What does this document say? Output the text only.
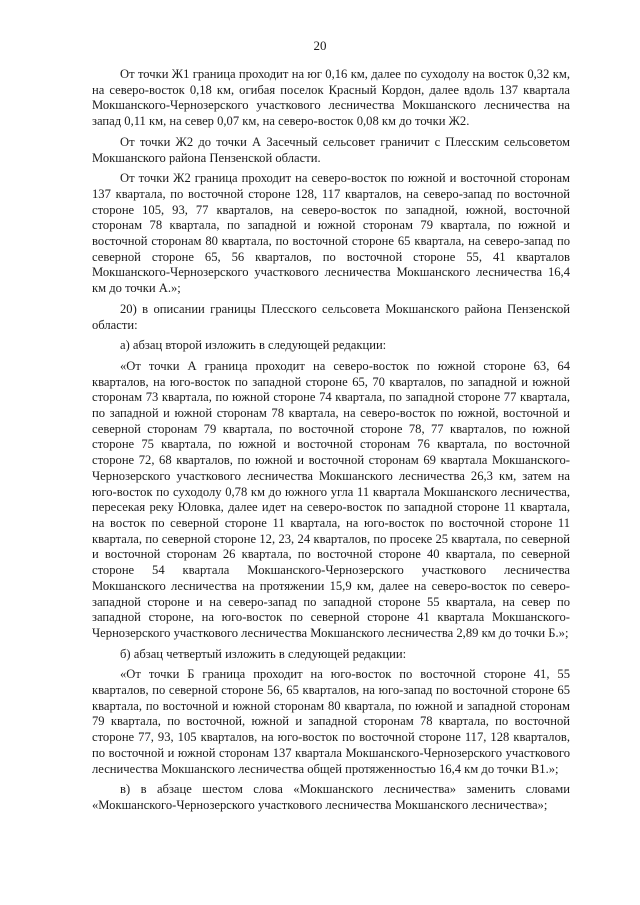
20

От точки Ж1 граница проходит на юг 0,16 км, далее по суходолу на восток 0,32 км, на северо-восток 0,18 км, огибая поселок Красный Кордон, далее вдоль 137 квартала Мокшанского-Чернозерского участкового лесничества Мокшанского лесничества на запад 0,11 км, на север 0,07 км, на северо-восток 0,08 км до точки Ж2.

От точки Ж2 до точки А Засечный сельсовет граничит с Плесским сельсоветом Мокшанского района Пензенской области.

От точки Ж2 граница проходит на северо-восток по южной и восточной сторонам 137 квартала, по восточной стороне 128, 117 кварталов, на северо-запад по восточной стороне 105, 93, 77 кварталов, на северо-восток по западной, южной, восточной сторонам 78 квартала, по западной и южной сторонам 79 квартала, по южной и восточной сторонам 80 квартала, по восточной стороне 65 квартала, на северо-запад по северной стороне 65, 56 кварталов, по восточной стороне 55, 41 кварталов Мокшанского-Чернозерского участкового лесничества Мокшанского лесничества 16,4 км до точки А.»;

20) в описании границы Плесского сельсовета Мокшанского района Пензенской области:

а) абзац второй изложить в следующей редакции:

«От точки А граница проходит на северо-восток по южной стороне 63, 64 кварталов, на юго-восток по западной стороне 65, 70 кварталов, по западной и южной сторонам 73 квартала, по южной стороне 74 квартала, по западной стороне 77 квартала, по западной и южной сторонам 78 квартала, на северо-восток по южной, восточной и северной сторонам 79 квартала, по восточной стороне 78, 77 кварталов, по южной стороне 75 квартала, по южной и восточной сторонам 76 квартала, по восточной стороне 72, 68 кварталов, по южной и восточной сторонам 69 квартала Мокшанского-Чернозерского участкового лесничества Мокшанского лесничества 26,3 км, затем на юго-восток по суходолу 0,78 км до южного угла 11 квартала Мокшанского лесничества, пересекая реку Юловка, далее идет на северо-восток по западной стороне 11 квартала, на восток по северной стороне 11 квартала, на юго-восток по восточной стороне 11 квартала, по северной стороне 12, 23, 24 кварталов, по просеке 25 квартала, по северной и восточной сторонам 26 квартала, по восточной стороне 40 квартала, по северной стороне 54 квартала Мокшанского-Чернозерского участкового лесничества Мокшанского лесничества на протяжении 15,9 км, далее на северо-восток по северо-западной стороне и на северо-запад по западной стороне 55 квартала, на север по западной стороне, на юго-восток по северной стороне 41 квартала Мокшанского-Чернозерского участкового лесничества Мокшанского лесничества 2,89 км до точки Б.»;

б) абзац четвертый изложить в следующей редакции:

«От точки Б граница проходит на юго-восток по восточной стороне 41, 55 кварталов, по северной стороне 56, 65 кварталов, на юго-запад по восточной стороне 65 квартала, по восточной и южной сторонам 80 квартала, по южной и западной сторонам 79 квартала, по восточной, южной и западной сторонам 78 квартала, по восточной стороне 77, 93, 105 кварталов, на юго-восток по восточной стороне 117, 128 кварталов, по восточной и южной сторонам 137 квартала Мокшанского-Чернозерского участкового лесничества Мокшанского лесничества общей протяженностью 16,4 км до точки В1.»;

в) в абзаце шестом слова «Мокшанского лесничества» заменить словами «Мокшанского-Чернозерского участкового лесничества Мокшанского лесничества»;
